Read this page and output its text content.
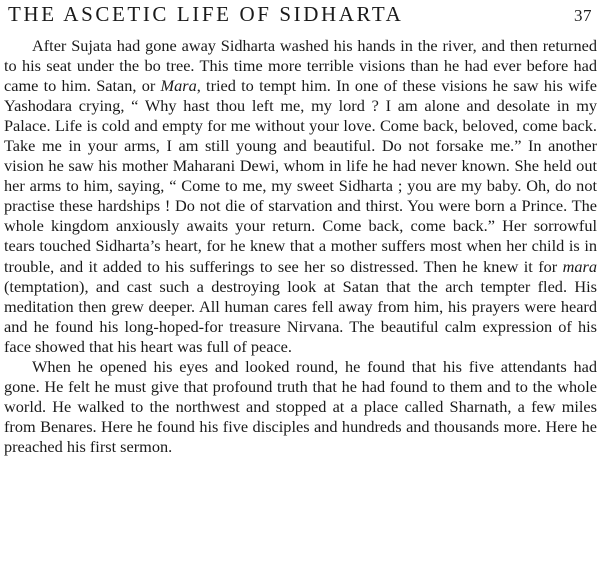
THE ASCETIC LIFE OF SIDHARTA	37

After Sujata had gone away Sidharta washed his hands in the river, and then returned to his seat under the bo tree. This time more terrible visions than he had ever before had came to him. Satan, or Mara, tried to tempt him. In one of these visions he saw his wife Yashodara crying, “ Why hast thou left me, my lord ? I am alone and desolate in my Palace. Life is cold and empty for me without your love. Come back, beloved, come back. Take me in your arms, I am still young and beautiful. Do not forsake me.” In another vision he saw his mother Maharani Dewi, whom in life he had never known. She held out her arms to him, saying, “ Come to me, my sweet Sidharta ; you are my baby. Oh, do not practise these hardships ! Do not die of starvation and thirst. You were born a Prince. The whole kingdom anxiously awaits your return. Come back, come back.” Her sorrowful tears touched Sidharta’s heart, for he knew that a mother suffers most when her child is in trouble, and it added to his sufferings to see her so distressed. Then he knew it for mara (temptation), and cast such a destroying look at Satan that the arch tempter fled. His meditation then grew deeper. All human cares fell away from him, his prayers were heard and he found his long-hoped-for treasure Nirvana. The beautiful calm expression of his face showed that his heart was full of peace.

When he opened his eyes and looked round, he found that his five attendants had gone. He felt he must give that profound truth that he had found to them and to the whole world. He walked to the northwest and stopped at a place called Sharnath, a few miles from Benares. Here he found his five disciples and hundreds and thousands more. Here he preached his first sermon.
